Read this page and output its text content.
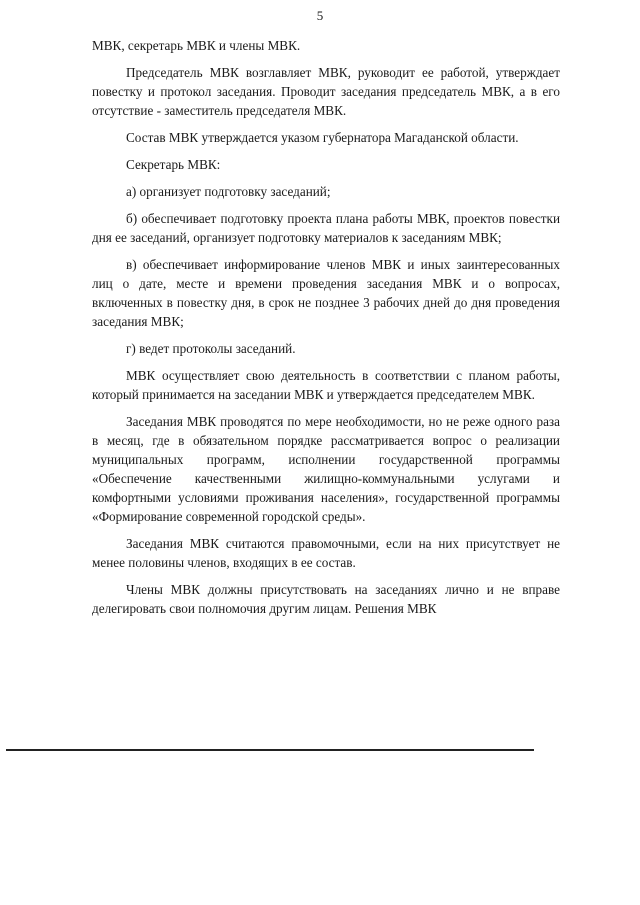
5

МВК, секретарь МВК и члены МВК.

Председатель МВК возглавляет МВК, руководит ее работой, утверждает повестку и протокол заседания. Проводит заседания председатель МВК, а в его отсутствие - заместитель председателя МВК.

Состав МВК утверждается указом губернатора Магаданской области.

Секретарь МВК:

а) организует подготовку заседаний;

б) обеспечивает подготовку проекта плана работы МВК, проектов повестки дня ее заседаний, организует подготовку материалов к заседаниям МВК;

в) обеспечивает информирование членов МВК и иных заинтересованных лиц о дате, месте и времени проведения заседания МВК и о вопросах, включенных в повестку дня, в срок не позднее 3 рабочих дней до дня проведения заседания МВК;

г) ведет протоколы заседаний.

МВК осуществляет свою деятельность в соответствии с планом работы, который принимается на заседании МВК и утверждается председателем МВК.

Заседания МВК проводятся по мере необходимости, но не реже одного раза в месяц, где в обязательном порядке рассматривается вопрос о реализации муниципальных программ, исполнении государственной программы «Обеспечение качественными жилищно-коммунальными услугами и комфортными условиями проживания населения», государственной программы «Формирование современной городской среды».

Заседания МВК считаются правомочными, если на них присутствует не менее половины членов, входящих в ее состав.

Члены МВК должны присутствовать на заседаниях лично и не вправе делегировать свои полномочия другим лицам. Решения МВК
